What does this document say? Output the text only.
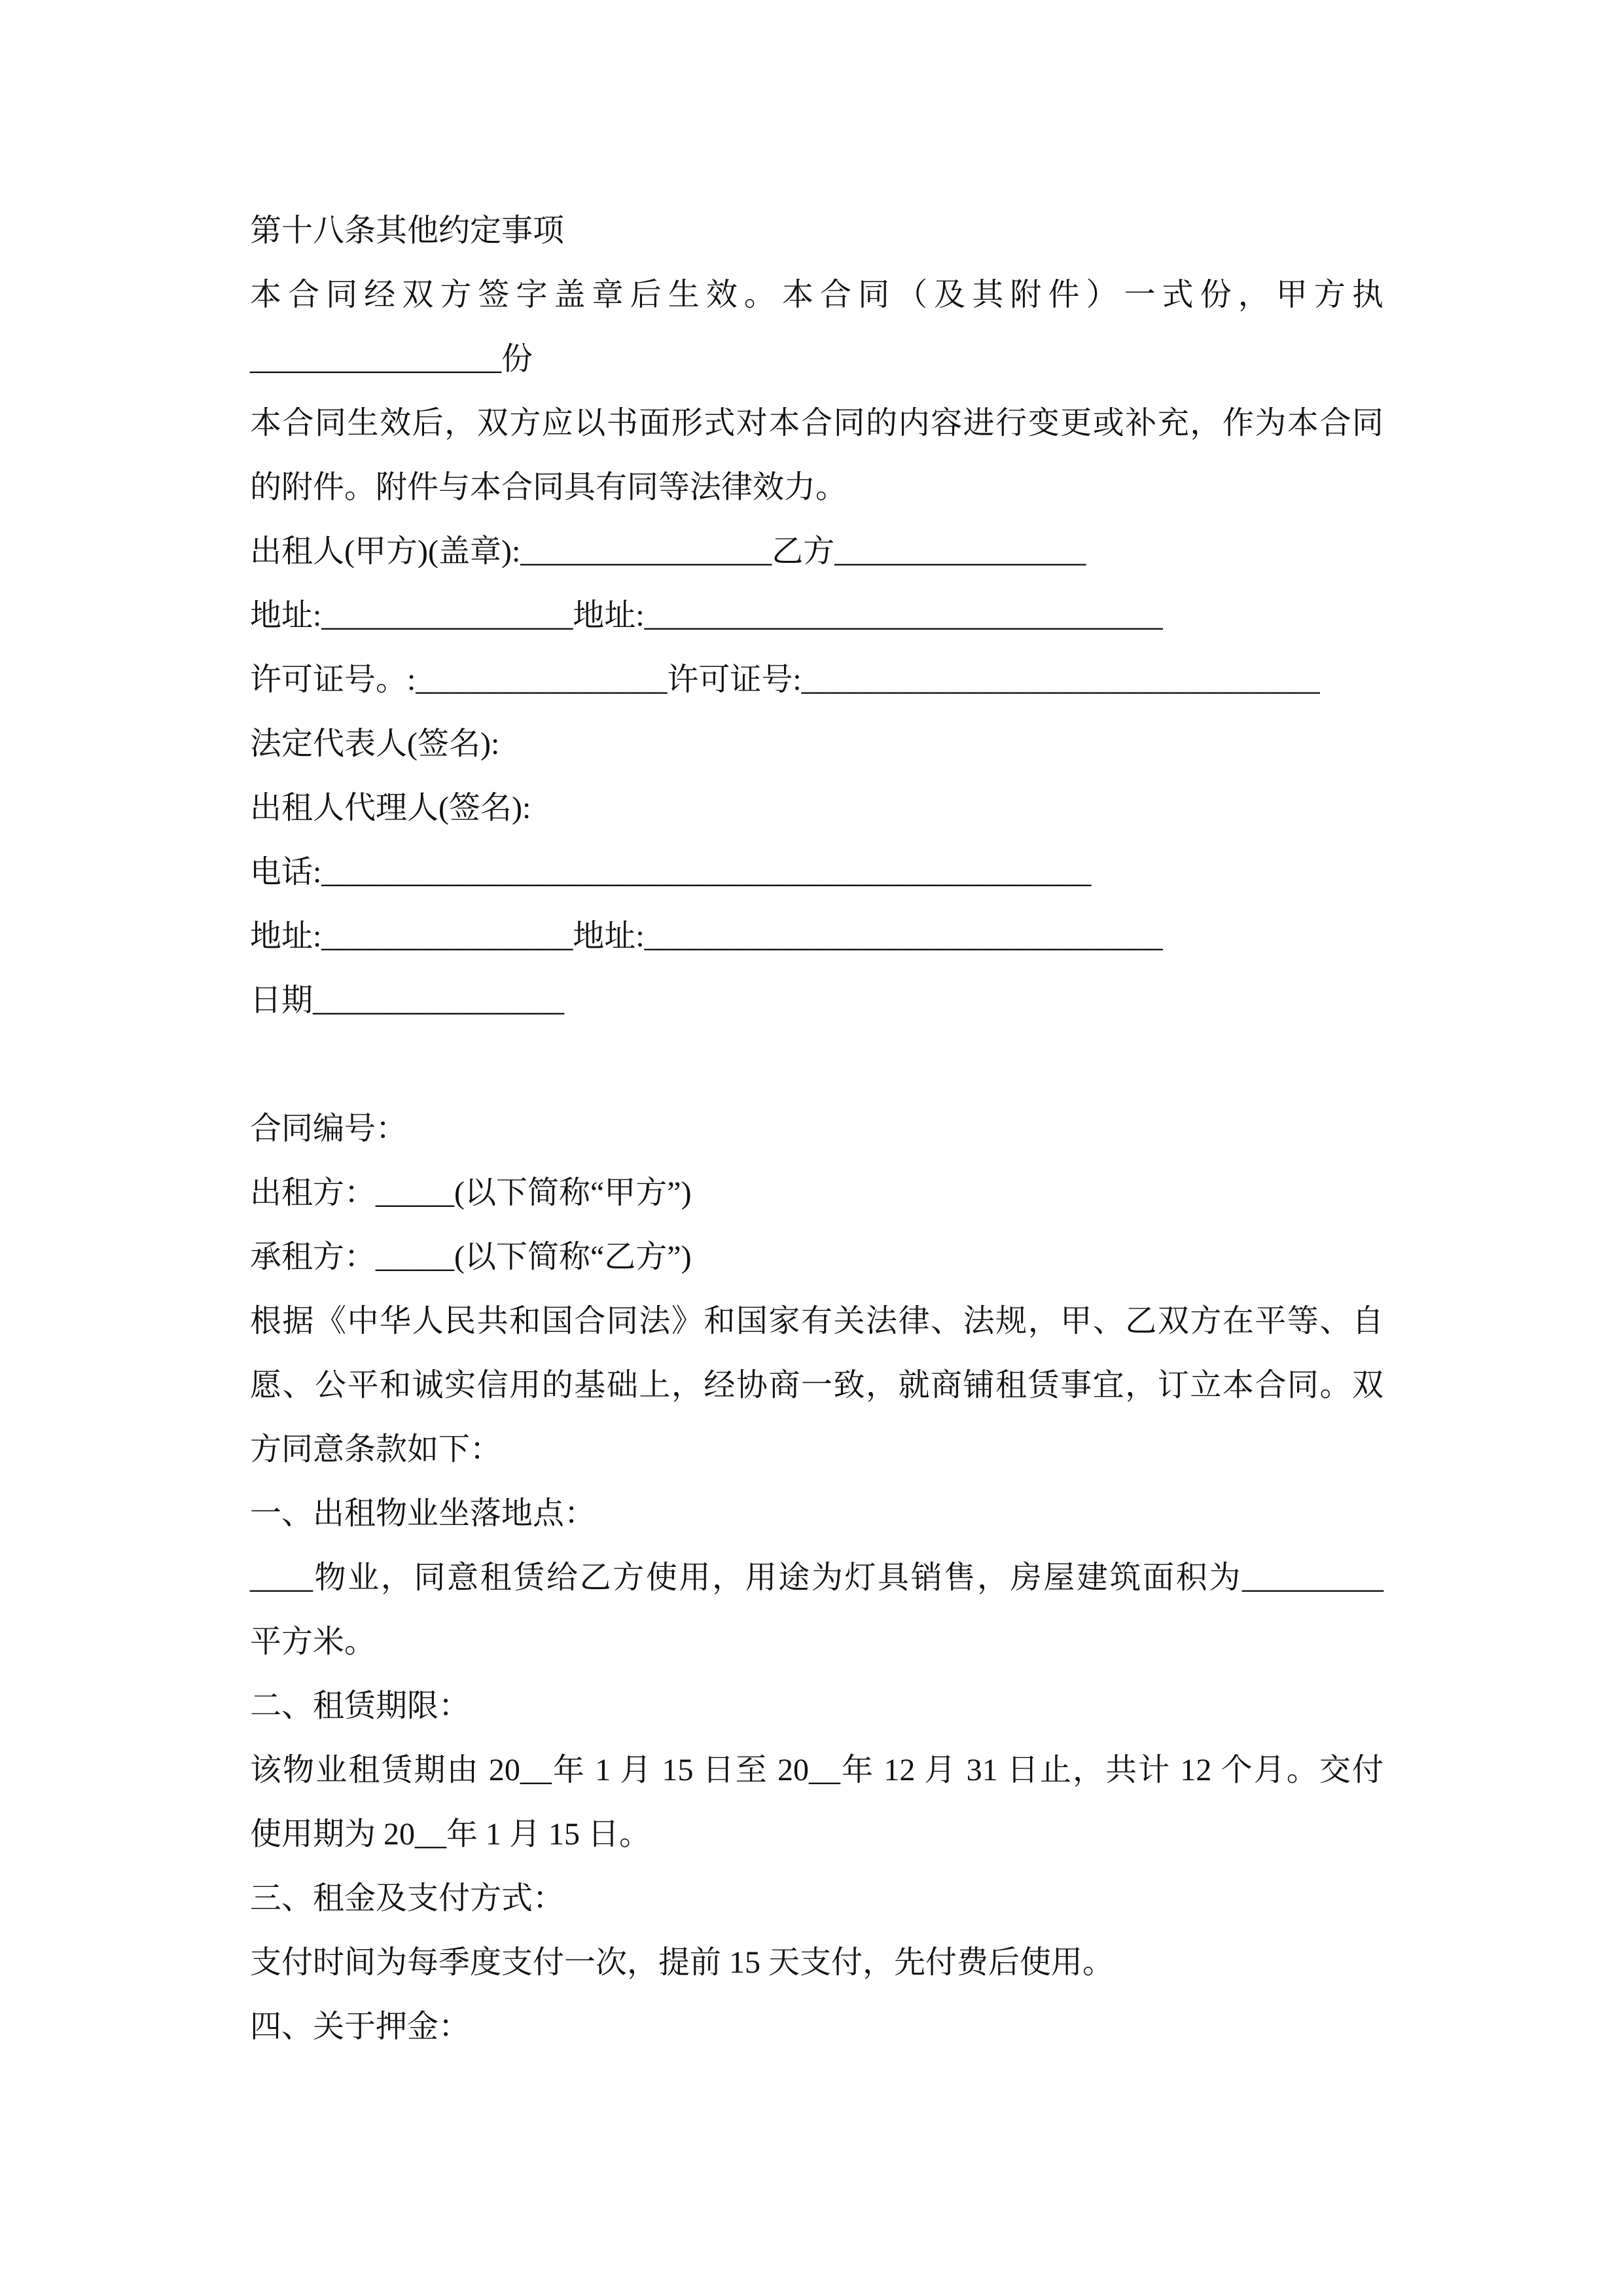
第十八条其他约定事项
本合同经双方签字盖章后生效。本合同（及其附件）一式份，甲方执
________________份
本合同生效后，双方应以书面形式对本合同的内容进行变更或补充，作为本合同
的附件。附件与本合同具有同等法律效力。
出租人(甲方)(盖章):________________乙方________________
地址:________________地址:_________________________________
许可证号。:________________许可证号:_________________________________
法定代表人(签名):
出租人代理人(签名):
电话:_________________________________________________
地址:________________地址:_________________________________
日期________________
合同编号：
出租方：_____(以下简称“甲方”)
承租方：_____(以下简称“乙方”)
根据《中华人民共和国合同法》和国家有关法律、法规，甲、乙双方在平等、自
愿、公平和诚实信用的基础上，经协商一致，就商铺租赁事宜，订立本合同。双
方同意条款如下：
一、出租物业坐落地点：
____物业，同意租赁给乙方使用，用途为灯具销售，房屋建筑面积为_________
平方米。
二、租赁期限：
该物业租赁期由 20__年 1 月 15 日至 20__年 12 月 31 日止，共计 12 个月。交付
使用期为 20__年 1 月 15 日。
三、租金及支付方式：
支付时间为每季度支付一次，提前 15 天支付，先付费后使用。
四、关于押金：
